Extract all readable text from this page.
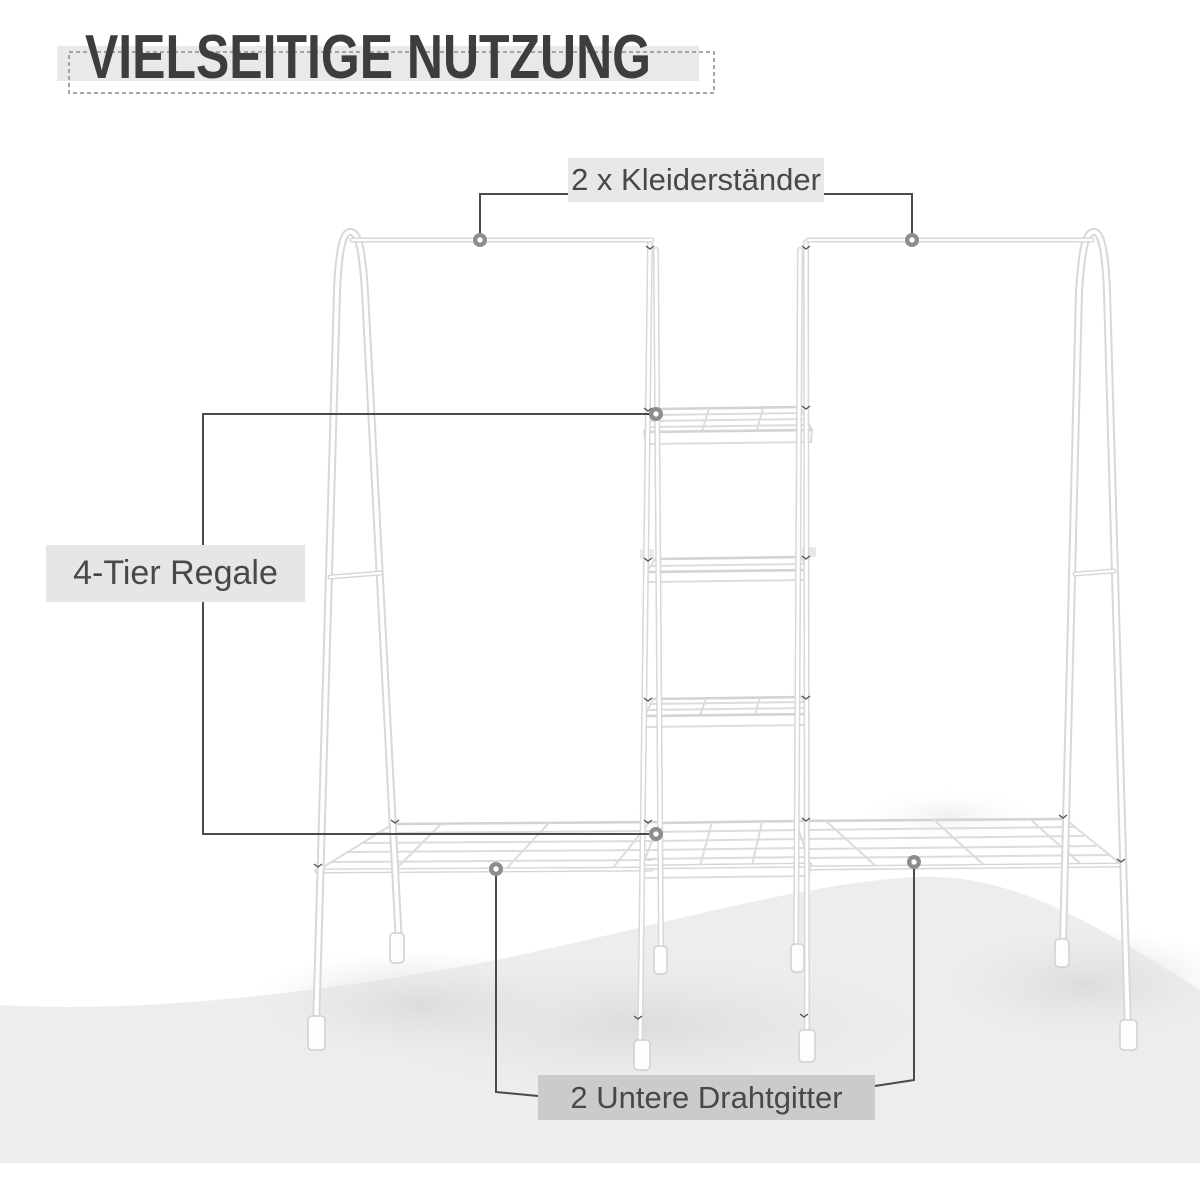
VIELSEITIGE NUTZUNG
2 x Kleiderständer
4-Tier Regale
2 Untere Drahtgitter
